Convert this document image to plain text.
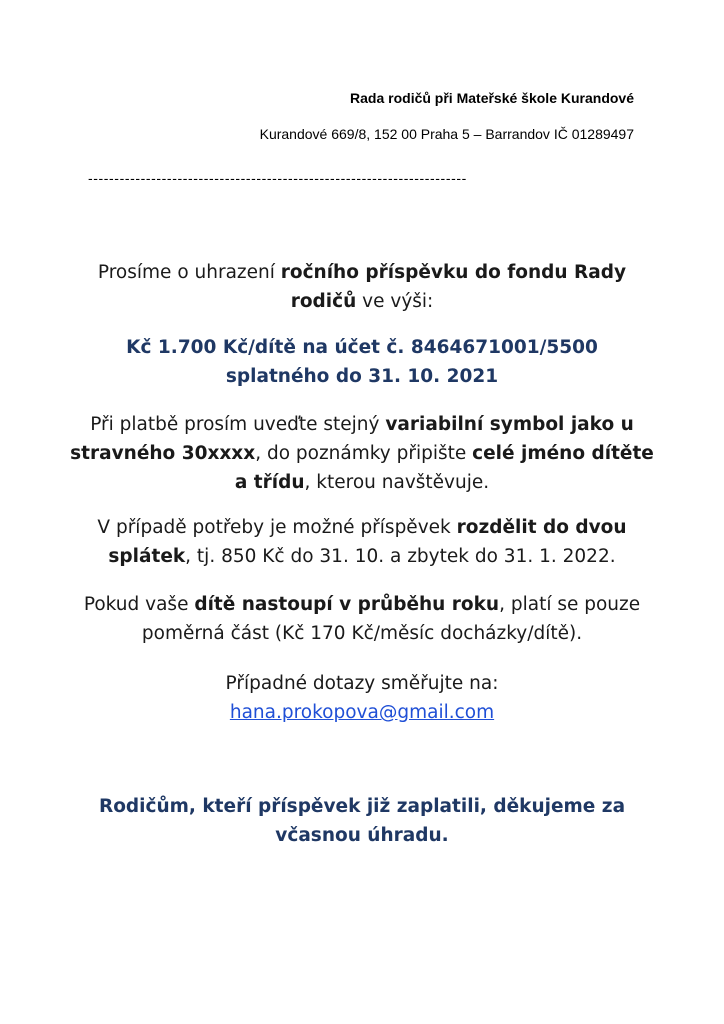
Rada rodičů při Mateřské škole Kurandové
Kurandové 669/8, 152 00 Praha 5 – Barrandov IČ 01289497
------------------------------------------------------------------------
Prosíme o uhrazení ročního příspěvku do fondu Rady rodičů ve výši:
Kč 1.700 Kč/dítě na účet č. 8464671001/5500
splatného do 31. 10. 2021
Při platbě prosím uveďte stejný variabilní symbol jako u stravného 30xxxx, do poznámky připište celé jméno dítěte a třídu, kterou navštěvuje.
V případě potřeby je možné příspěvek rozdělit do dvou splátek, tj. 850 Kč do 31. 10. a zbytek do 31. 1. 2022.
Pokud vaše dítě nastoupí v průběhu roku, platí se pouze poměrná část (Kč 170 Kč/měsíc docházky/dítě).
Případné dotazy směřujte na:
hana.prokopova@gmail.com
Rodičům, kteří příspěvek již zaplatili, děkujeme za
včasnou úhradu.
